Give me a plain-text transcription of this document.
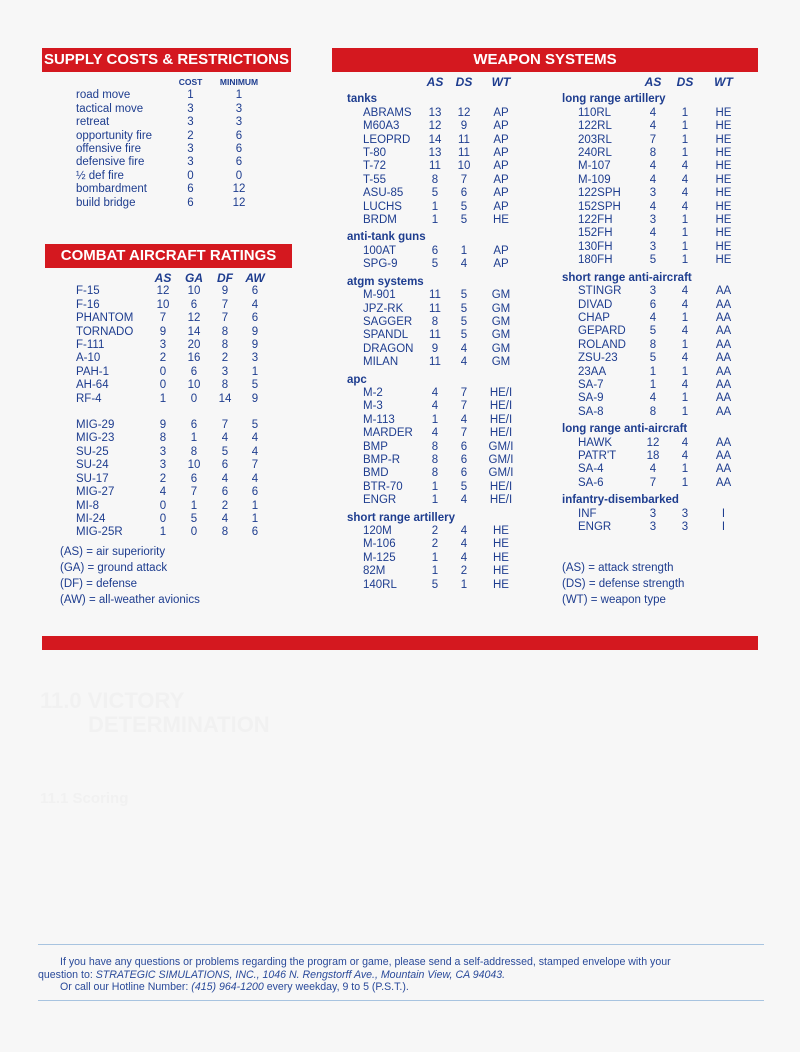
SUPPLY COSTS & RESTRICTIONS
	COST	MINIMUM
road move	1	1
tactical move	3	3
retreat	3	3
opportunity fire	2	6
offensive fire	3	6
defensive fire	3	6
½ def fire	0	0
bombardment	6	12
build bridge	6	12
COMBAT AIRCRAFT RATINGS
	AS	GA	DF	AW
F-15	12	10	9	6
F-16	10	6	7	4
PHANTOM	7	12	7	6
TORNADO	9	14	8	9
F-111	3	20	8	9
A-10	2	16	2	3
PAH-1	0	6	3	1
AH-64	0	10	8	5
RF-4	1	0	14	9
MIG-29	9	6	7	5
MIG-23	8	1	4	4
SU-25	3	8	5	4
SU-24	3	10	6	7
SU-17	2	6	4	4
MIG-27	4	7	6	6
MI-8	0	1	2	1
MI-24	0	5	4	1
MIG-25R	1	0	8	6
(AS) = air superiority
(GA) = ground attack
(DF) = defense
(AW) = all-weather avionics
WEAPON SYSTEMS
	AS	DS	WT
tanks			
ABRAMS	13	12	AP
M60A3	12	9	AP
LEOPRD	14	11	AP
T-80	13	11	AP
T-72	11	10	AP
T-55	8	7	AP
ASU-85	5	6	AP
LUCHS	1	5	AP
BRDM	1	5	HE
anti-tank guns			
100AT	6	1	AP
SPG-9	5	4	AP
atgm systems			
M-901	11	5	GM
JPZ-RK	11	5	GM
SAGGER	8	5	GM
SPANDL	11	5	GM
DRAGON	9	4	GM
MILAN	11	4	GM
apc			
M-2	4	7	HE/I
M-3	4	7	HE/I
M-113	1	4	HE/I
MARDER	4	7	HE/I
BMP	8	6	GM/I
BMP-R	8	6	GM/I
BMD	8	6	GM/I
BTR-70	1	5	HE/I
ENGR	1	4	HE/I
short range artillery			
120M	2	4	HE
M-106	2	4	HE
M-125	1	4	HE
82M	1	2	HE
140RL	5	1	HE
	AS	DS	WT
long range artillery			
110RL	4	1	HE
122RL	4	1	HE
203RL	7	1	HE
240RL	8	1	HE
M-107	4	4	HE
M-109	4	4	HE
122SPH	3	4	HE
152SPH	4	4	HE
122FH	3	1	HE
152FH	4	1	HE
130FH	3	1	HE
180FH	5	1	HE
short range anti-aircraft			
STINGR	3	4	AA
DIVAD	6	4	AA
CHAP	4	1	AA
GEPARD	5	4	AA
ROLAND	8	1	AA
ZSU-23	5	4	AA
23AA	1	1	AA
SA-7	1	4	AA
SA-9	4	1	AA
SA-8	8	1	AA
long range anti-aircraft			
HAWK	12	4	AA
PATR'T	18	4	AA
SA-4	4	1	AA
SA-6	7	1	AA
infantry-disembarked			
INF	3	3	I
ENGR	3	3	I
(AS) = attack strength
(DS) = defense strength
(WT) = weapon type
11.0 VICTORY
DETERMINATION
11.1 Scoring
If you have any questions or problems regarding the program or game, please send a self-addressed, stamped envelope with your
question to: STRATEGIC SIMULATIONS, INC., 1046 N. Rengstorff Ave., Mountain View, CA 94043.
Or call our Hotline Number: (415) 964-1200 every weekday, 9 to 5 (P.S.T.).
